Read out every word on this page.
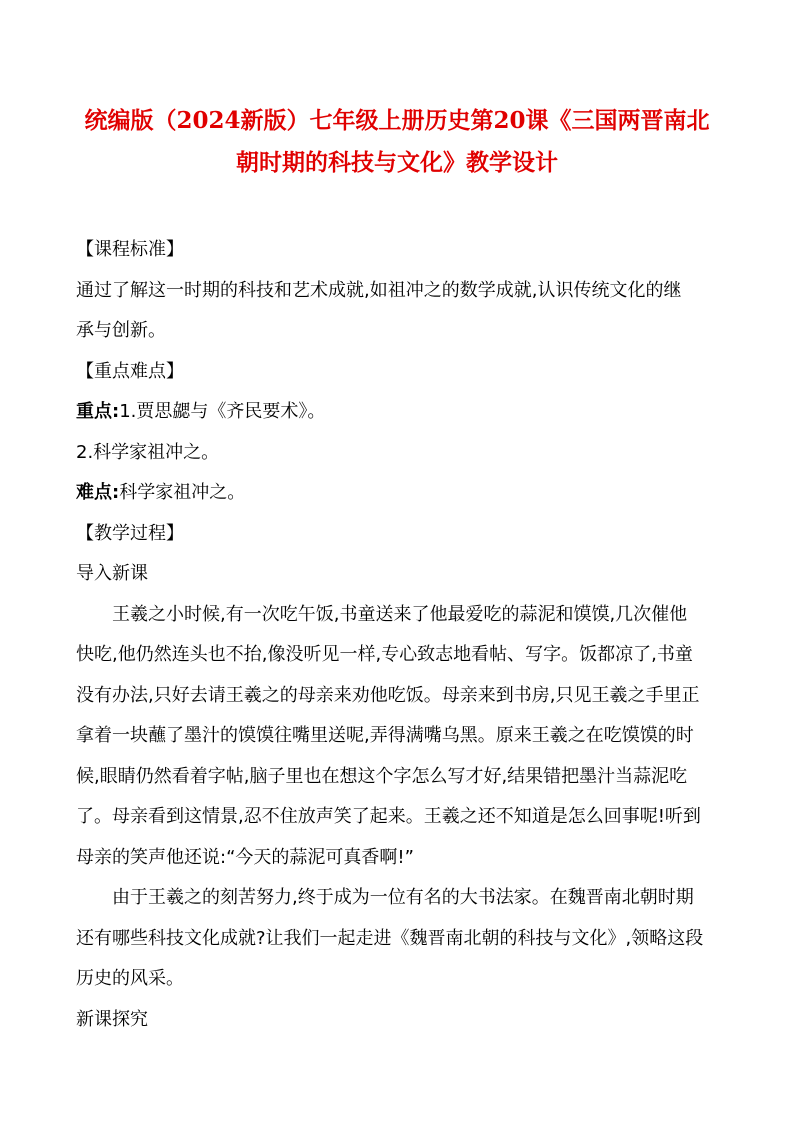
统编版（2024新版）七年级上册历史第20课《三国两晋南北
朝时期的科技与文化》教学设计
【课程标准】
通过了解这一时期的科技和艺术成就,如祖冲之的数学成就,认识传统文化的继
承与创新。
【重点难点】
重点:1.贾思勰与《齐民要术》。
2.科学家祖冲之。
难点:科学家祖冲之。
【教学过程】
导入新课
王羲之小时候,有一次吃午饭,书童送来了他最爱吃的蒜泥和馍馍,几次催他
快吃,他仍然连头也不抬,像没听见一样,专心致志地看帖、写字。饭都凉了,书童
没有办法,只好去请王羲之的母亲来劝他吃饭。母亲来到书房,只见王羲之手里正
拿着一块蘸了墨汁的馍馍往嘴里送呢,弄得满嘴乌黑。原来王羲之在吃馍馍的时
候,眼睛仍然看着字帖,脑子里也在想这个字怎么写才好,结果错把墨汁当蒜泥吃
了。母亲看到这情景,忍不住放声笑了起来。王羲之还不知道是怎么回事呢!听到
母亲的笑声他还说:“今天的蒜泥可真香啊!”
由于王羲之的刻苦努力,终于成为一位有名的大书法家。在魏晋南北朝时期
还有哪些科技文化成就?让我们一起走进《魏晋南北朝的科技与文化》,领略这段
历史的风采。
新课探究
